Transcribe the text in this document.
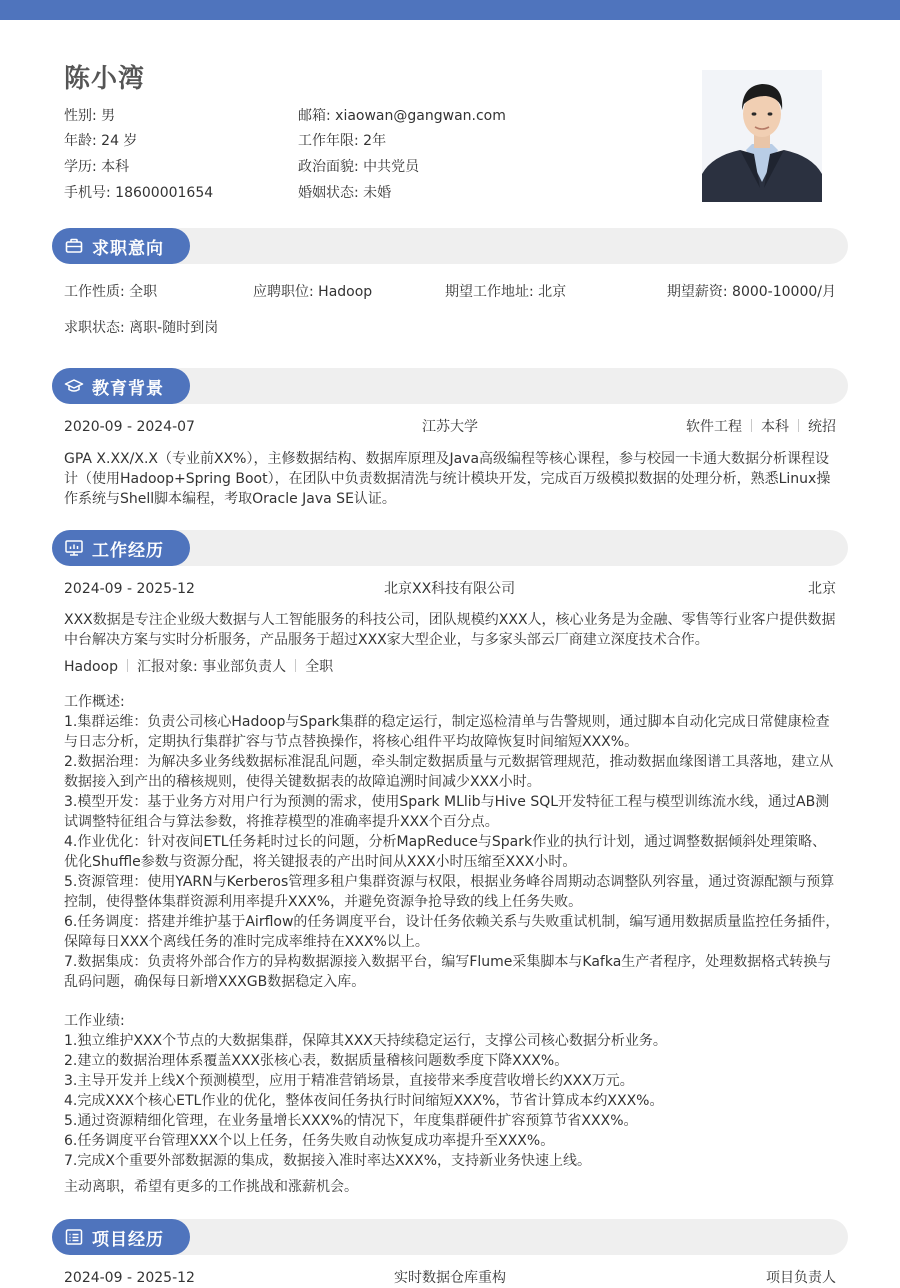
陈小湾
性别: 男
年龄: 24 岁
学历: 本科
手机号: 18600001654
邮箱: xiaowan@gangwan.com
工作年限: 2年
政治面貌: 中共党员
婚姻状态: 未婚
求职意向
工作性质: 全职	应聘职位: Hadoop	期望工作地址: 北京	期望薪资: 8000-10000/月
求职状态: 离职-随时到岗
教育背景
2020-09 - 2024-07	江苏大学	软件工程 本科 统招
GPA X.XX/X.X（专业前XX%），主修数据结构、数据库原理及Java高级编程等核心课程，参与校园一卡通大数据分析课程设计（使用Hadoop+Spring Boot），在团队中负责数据清洗与统计模块开发，完成百万级模拟数据的处理分析，熟悉Linux操作系统与Shell脚本编程，考取Oracle Java SE认证。
工作经历
2024-09 - 2025-12	北京XX科技有限公司	北京
XXX数据是专注企业级大数据与人工智能服务的科技公司，团队规模约XXX人，核心业务是为金融、零售等行业客户提供数据中台解决方案与实时分析服务，产品服务于超过XXX家大型企业，与多家头部云厂商建立深度技术合作。
Hadoop 汇报对象: 事业部负责人 全职
工作概述:
1.集群运维：负责公司核心Hadoop与Spark集群的稳定运行，制定巡检清单与告警规则，通过脚本自动化完成日常健康检查与日志分析，定期执行集群扩容与节点替换操作，将核心组件平均故障恢复时间缩短XXX%。
2.数据治理：为解决多业务线数据标准混乱问题，牵头制定数据质量与元数据管理规范，推动数据血缘图谱工具落地，建立从数据接入到产出的稽核规则，使得关键数据表的故障追溯时间减少XXX小时。
3.模型开发：基于业务方对用户行为预测的需求，使用Spark MLlib与Hive SQL开发特征工程与模型训练流水线，通过AB测试调整特征组合与算法参数，将推荐模型的准确率提升XXX个百分点。
4.作业优化：针对夜间ETL任务耗时过长的问题，分析MapReduce与Spark作业的执行计划，通过调整数据倾斜处理策略、优化Shuffle参数与资源分配，将关键报表的产出时间从XXX小时压缩至XXX小时。
5.资源管理：使用YARN与Kerberos管理多租户集群资源与权限，根据业务峰谷周期动态调整队列容量，通过资源配额与预算控制，使得整体集群资源利用率提升XXX%，并避免资源争抢导致的线上任务失败。
6.任务调度：搭建并维护基于Airflow的任务调度平台，设计任务依赖关系与失败重试机制，编写通用数据质量监控任务插件，保障每日XXX个离线任务的准时完成率维持在XXX%以上。
7.数据集成：负责将外部合作方的异构数据源接入数据平台，编写Flume采集脚本与Kafka生产者程序，处理数据格式转换与乱码问题，确保每日新增XXXGB数据稳定入库。
工作业绩:
1.独立维护XXX个节点的大数据集群，保障其XXX天持续稳定运行，支撑公司核心数据分析业务。
2.建立的数据治理体系覆盖XXX张核心表，数据质量稽核问题数季度下降XXX%。
3.主导开发并上线X个预测模型，应用于精准营销场景，直接带来季度营收增长约XXX万元。
4.完成XXX个核心ETL作业的优化，整体夜间任务执行时间缩短XXX%，节省计算成本约XXX%。
5.通过资源精细化管理，在业务量增长XXX%的情况下，年度集群硬件扩容预算节省XXX%。
6.任务调度平台管理XXX个以上任务，任务失败自动恢复成功率提升至XXX%。
7.完成X个重要外部数据源的集成，数据接入准时率达XXX%，支持新业务快速上线。
主动离职，希望有更多的工作挑战和涨薪机会。
项目经历
2024-09 - 2025-12	实时数据仓库重构	项目负责人
